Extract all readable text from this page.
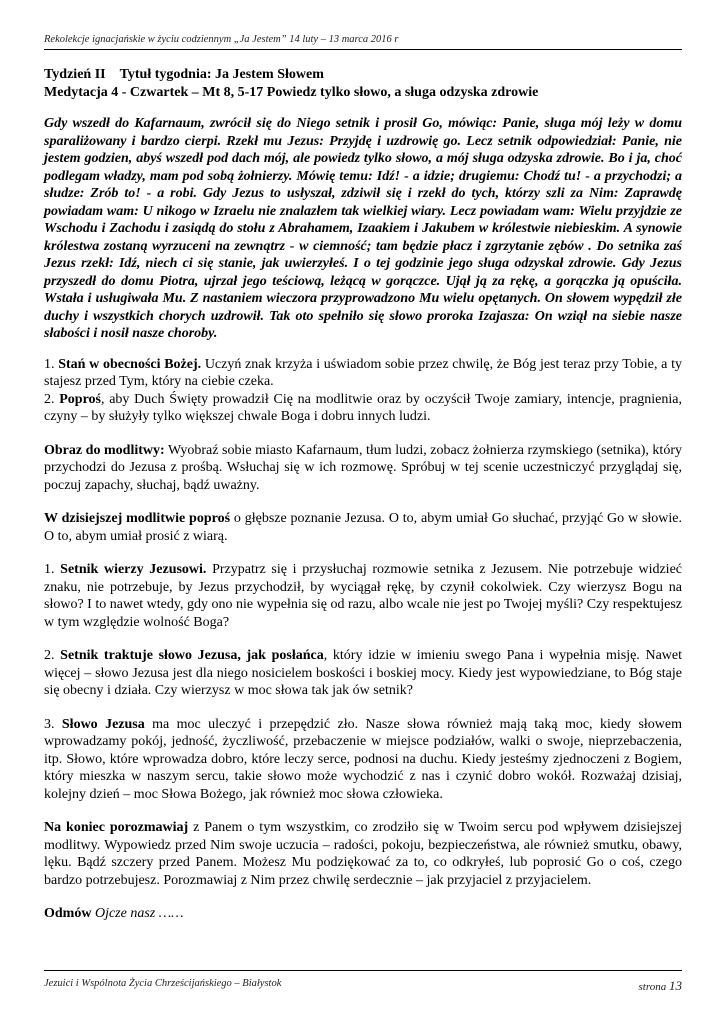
Rekolekcje ignacjańskie w życiu codziennym „Ja Jestem” 14 luty – 13 marca 2016 r

Tydzień II Tytuł tygodnia: Ja Jestem Słowem

Medytacja 4 - Czwartek – Mt 8, 5-17 Powiedz tylko słowo, a sługa odzyska zdrowie

Gdy wszedł do Kafarnaum, zwrócił się do Niego setnik i prosił Go, mówiąc: Panie, sługa mój leży w domu sparaliżowany i bardzo cierpi. Rzekł mu Jezus: Przyjdę i uzdrowię go. Lecz setnik odpowiedział: Panie, nie jestem godzien, abyś wszedł pod dach mój, ale powiedz tylko słowo, a mój sługa odzyska zdrowie. Bo i ja, choć podlegam władzy, mam pod sobą żołnierzy. Mówię temu: Idź! - a idzie; drugiemu: Chodź tu! - a przychodzi; a słudze: Zrób to! - a robi. Gdy Jezus to usłyszał, zdziwił się i rzekł do tych, którzy szli za Nim: Zaprawdę powiadam wam: U nikogo w Izraelu nie znalazłem tak wielkiej wiary. Lecz powiadam wam: Wielu przyjdzie ze Wschodu i Zachodu i zasiądą do stołu z Abrahamem, Izaakiem i Jakubem w królestwie niebieskim. A synowie królestwa zostaną wyrzuceni na zewnątrz - w ciemność; tam będzie płacz i zgrzytanie zębów . Do setnika zaś Jezus rzekł: Idź, niech ci się stanie, jak uwierzyłeś. I o tej godzinie jego sługa odzyskał zdrowie. Gdy Jezus przyszedł do domu Piotra, ujrzał jego teściową, leżącą w gorączce. Ujął ją za rękę, a gorączka ją opuściła. Wstała i usługiwała Mu. Z nastaniem wieczora przyprowadzono Mu wielu opętanych. On słowem wypędził złe duchy i wszystkich chorych uzdrowił. Tak oto spełniło się słowo proroka Izajasza: On wziął na siebie nasze słabości i nosił nasze choroby.

1. Stań w obecności Bożej. Uczyń znak krzyża i uświadom sobie przez chwilę, że Bóg jest teraz przy Tobie, a ty stajesz przed Tym, który na ciebie czeka.

2. Poproś, aby Duch Święty prowadził Cię na modlitwie oraz by oczyścił Twoje zamiary, intencje, pragnienia, czyny – by służyły tylko większej chwale Boga i dobru innych ludzi.

Obraz do modlitwy: Wyobraź sobie miasto Kafarnaum, tłum ludzi, zobacz żołnierza rzymskiego (setnika), który przychodzi do Jezusa z prośbą. Wsłuchaj się w ich rozmowę. Spróbuj w tej scenie uczestniczyć przyglądaj się, poczuj zapachy, słuchaj, bądź uważny.

W dzisiejszej modlitwie poproś o głębsze poznanie Jezusa. O to, abym umiał Go słuchać, przyjąć Go w słowie. O to, abym umiał prosić z wiarą.

1. Setnik wierzy Jezusowi. Przypatrz się i przysłuchaj rozmowie setnika z Jezusem. Nie potrzebuje widzieć znaku, nie potrzebuje, by Jezus przychodził, by wyciągał rękę, by czynił cokolwiek. Czy wierzysz Bogu na słowo? I to nawet wtedy, gdy ono nie wypełnia się od razu, albo wcale nie jest po Twojej myśli? Czy respektujesz w tym względzie wolność Boga?

2. Setnik traktuje słowo Jezusa, jak posłańca, który idzie w imieniu swego Pana i wypełnia misję. Nawet więcej – słowo Jezusa jest dla niego nosicielem boskości i boskiej mocy. Kiedy jest wypowiedziane, to Bóg staje się obecny i działa. Czy wierzysz w moc słowa tak jak ów setnik?

3. Słowo Jezusa ma moc uleczyć i przepędzić zło. Nasze słowa również mają taką moc, kiedy słowem wprowadzamy pokój, jedność, życzliwość, przebaczenie w miejsce podziałów, walki o swoje, nieprzebaczenia, itp. Słowo, które wprowadza dobro, które leczy serce, podnosi na duchu. Kiedy jesteśmy zjednoczeni z Bogiem, który mieszka w naszym sercu, takie słowo może wychodzić z nas i czynić dobro wokół. Rozważaj dzisiaj, kolejny dzień – moc Słowa Bożego, jak również moc słowa człowieka.

Na koniec porozmawiaj z Panem o tym wszystkim, co zrodziło się w Twoim sercu pod wpływem dzisiejszej modlitwy. Wypowiedz przed Nim swoje uczucia – radości, pokoju, bezpieczeństwa, ale również smutku, obawy, lęku. Bądź szczery przed Panem. Możesz Mu podziękować za to, co odkryłeś, lub poprosić Go o coś, czego bardzo potrzebujesz. Porozmawiaj z Nim przez chwilę serdecznie – jak przyjaciel z przyjacielem.

Odmów Ojcze nasz ……

Jezuici i Wspólnota Życia Chrześcijańskiego – Białystok	strona 13
